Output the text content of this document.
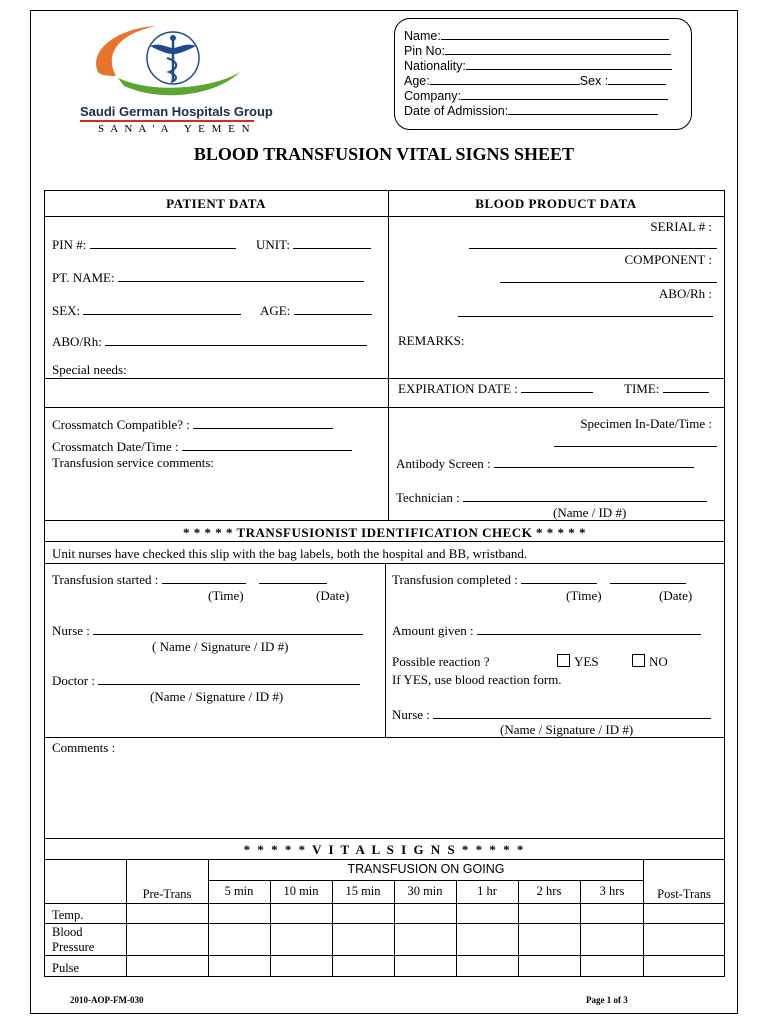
Saudi German Hospitals Group
S A N A ' A   Y E M E N
Name:
Pin No:
Nationality:
Age:	Sex :
Company:
Date of Admission:
BLOOD TRANSFUSION VITAL SIGNS SHEET
PATIENT DATA
PIN #:	UNIT:
PT. NAME:
SEX:	AGE:
ABO/Rh:
Special needs:
BLOOD PRODUCT DATA
SERIAL # :
COMPONENT :
ABO/Rh :
REMARKS:
EXPIRATION DATE :	TIME:
Crossmatch Compatible? :
Crossmatch Date/Time :
Transfusion service comments:
Specimen In-Date/Time :
Antibody Screen :
Technician :
(Name / ID #)
* * * * * TRANSFUSIONIST IDENTIFICATION CHECK * * * * *
Unit nurses have checked this slip with the bag labels, both the hospital and BB, wristband.
Transfusion started :
(Time)	(Date)
Nurse :
( Name / Signature / ID #)
Doctor :
(Name / Signature / ID #)
Transfusion completed :
(Time)	(Date)
Amount given :
Possible reaction ?	YES	NO
If YES, use blood reaction form.
Nurse :
(Name / Signature / ID #)
Comments :
* * * * * V I T A L S I G N S * * * * *
TRANSFUSION ON GOING
Pre-Trans	Post-Trans
5 min	10 min	15 min	30 min	1 hr	2 hrs	3 hrs
Temp.
Blood Pressure
Pulse
2010-AOP-FM-030	Page 1 of 3
